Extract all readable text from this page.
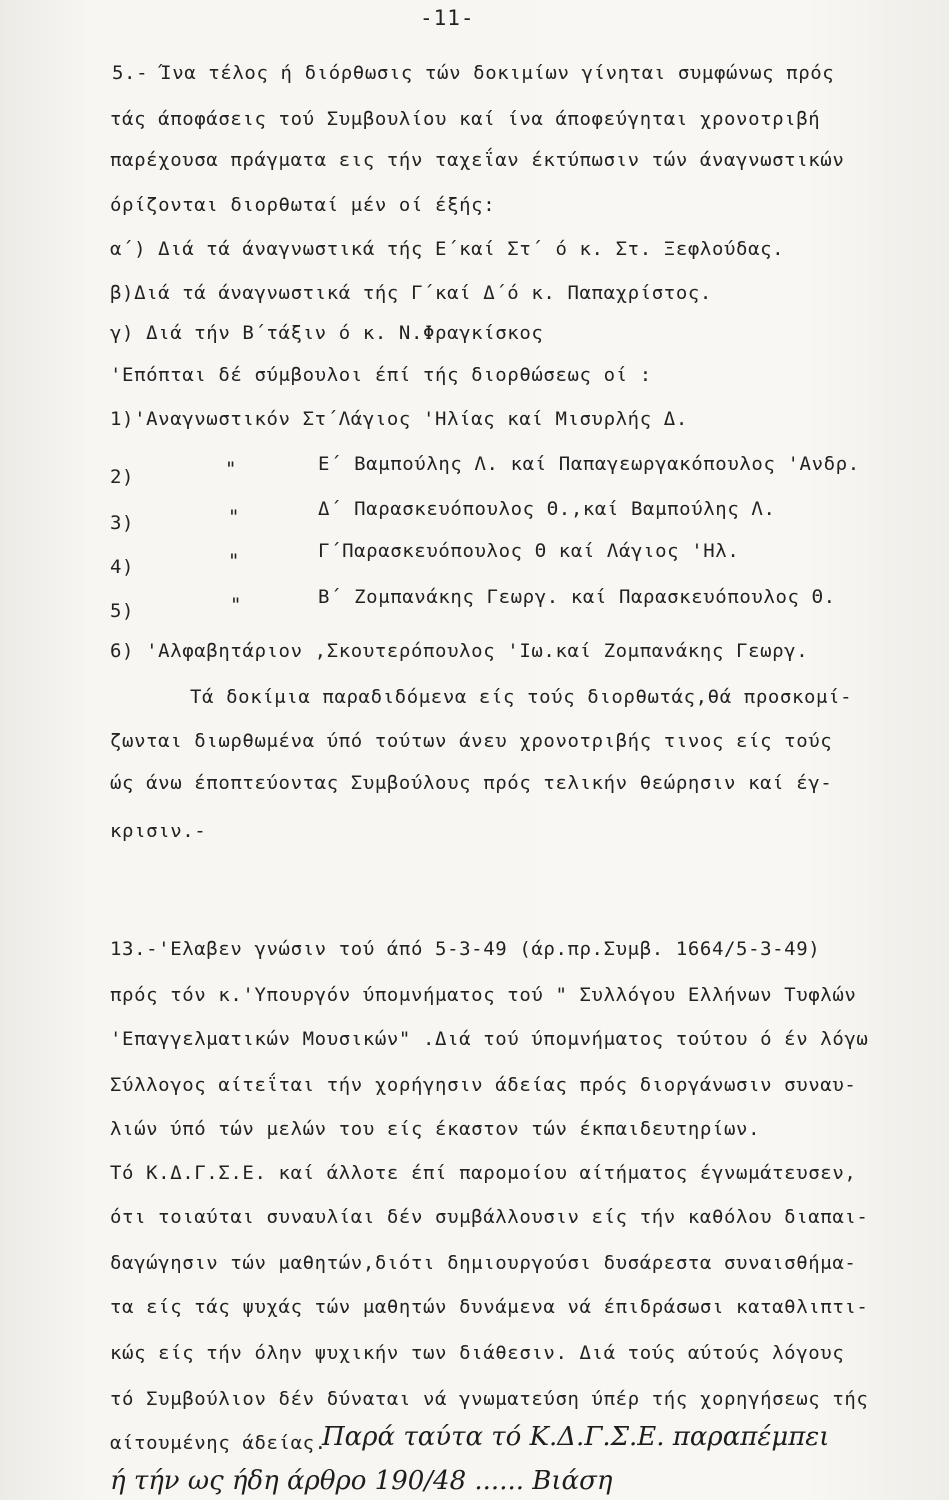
-11-
5.- Ίνα τέλος ή διόρθωσις τών δοκιμίων γίνηται συμφώνως πρός
τάς άποφάσεις τού Συμβουλίου καί ίνα άποφεύγηται χρονοτριβή
παρέχουσα πράγματα εις τήν ταχεΐαν έκτύπωσιν τών άναγνωστικών
όρίζονται διορθωταί μέν οί έξής:
α΄) Διά τά άναγνωστικά τής Ε΄καί Στ΄ ό κ. Στ. Ξεφλούδας.
β)Διά τά άναγνωστικά τής Γ΄καί Δ΄ό κ. Παπαχρίστος.
γ) Διά τήν Β΄τάξιν ό κ. Ν.Φραγκίσκος
'Επόπται δέ σύμβουλοι έπί τής διορθώσεως οί :
1)'Αναγνωστικόν Στ΄Λάγιος 'Ηλίας καί Μισυρλής Δ.
2)	"	Ε΄ Βαμπούλης Λ. καί Παπαγεωργακόπουλος 'Ανδρ.
3)	"	Δ΄ Παρασκευόπουλος Θ.,καί Βαμπούλης Λ.
4)	"	Γ΄Παρασκευόπουλος Θ καί Λάγιος 'Ηλ.
5)	"	Β΄ Ζομπανάκης Γεωργ. καί Παρασκευόπουλος Θ.
6) 'Αλφαβητάριον ,Σκουτερόπουλος 'Ιω.καί Ζομπανάκης Γεωργ.
Τά δοκίμια παραδιδόμενα είς τούς διορθωτάς,θά προσκομί-
ζωνται διωρθωμένα ύπό τούτων άνευ χρονοτριβής τινος είς τούς
ώς άνω έποπτεύοντας Συμβούλους πρός τελικήν θεώρησιν καί έγ-
κρισιν.-
13.-'Ελαβεν γνώσιν τού άπό 5-3-49 (άρ.πρ.Συμβ. 1664/5-3-49)
πρός τόν κ.'Υπουργόν ύπομνήματος τού " Συλλόγου Ελλήνων Τυφλών
'Επαγγελματικών Μουσικών" .Διά τού ύπομνήματος τούτου ό έν λόγω
Σύλλογος αίτεΐται τήν χορήγησιν άδείας πρός διοργάνωσιν συναυ-
λιών ύπό τών μελών του είς έκαστον τών έκπαιδευτηρίων.
Τό Κ.Δ.Γ.Σ.Ε. καί άλλοτε έπί παρομοίου αίτήματος έγνωμάτευσεν,
ότι τοιαύται συναυλίαι δέν συμβάλλουσιν είς τήν καθόλου διαπαι-
δαγώγησιν τών μαθητών,διότι δημιουργούσι δυσάρεστα συναισθήμα-
τα είς τάς ψυχάς τών μαθητών δυνάμενα νά έπιδράσωσι καταθλιπτι-
κώς είς τήν όλην ψυχικήν των διάθεσιν. Διά τούς αύτούς λόγους
τό Συμβούλιον δέν δύναται νά γνωματεύση ύπέρ τής χορηγήσεως τής
αίτουμένης άδείας.
Παρά ταύτα τό Κ.Δ.Γ.Σ.Ε. παραπέμπει
ή τήν ως ήδη άρθρο 190/48 ...... Βιάση
